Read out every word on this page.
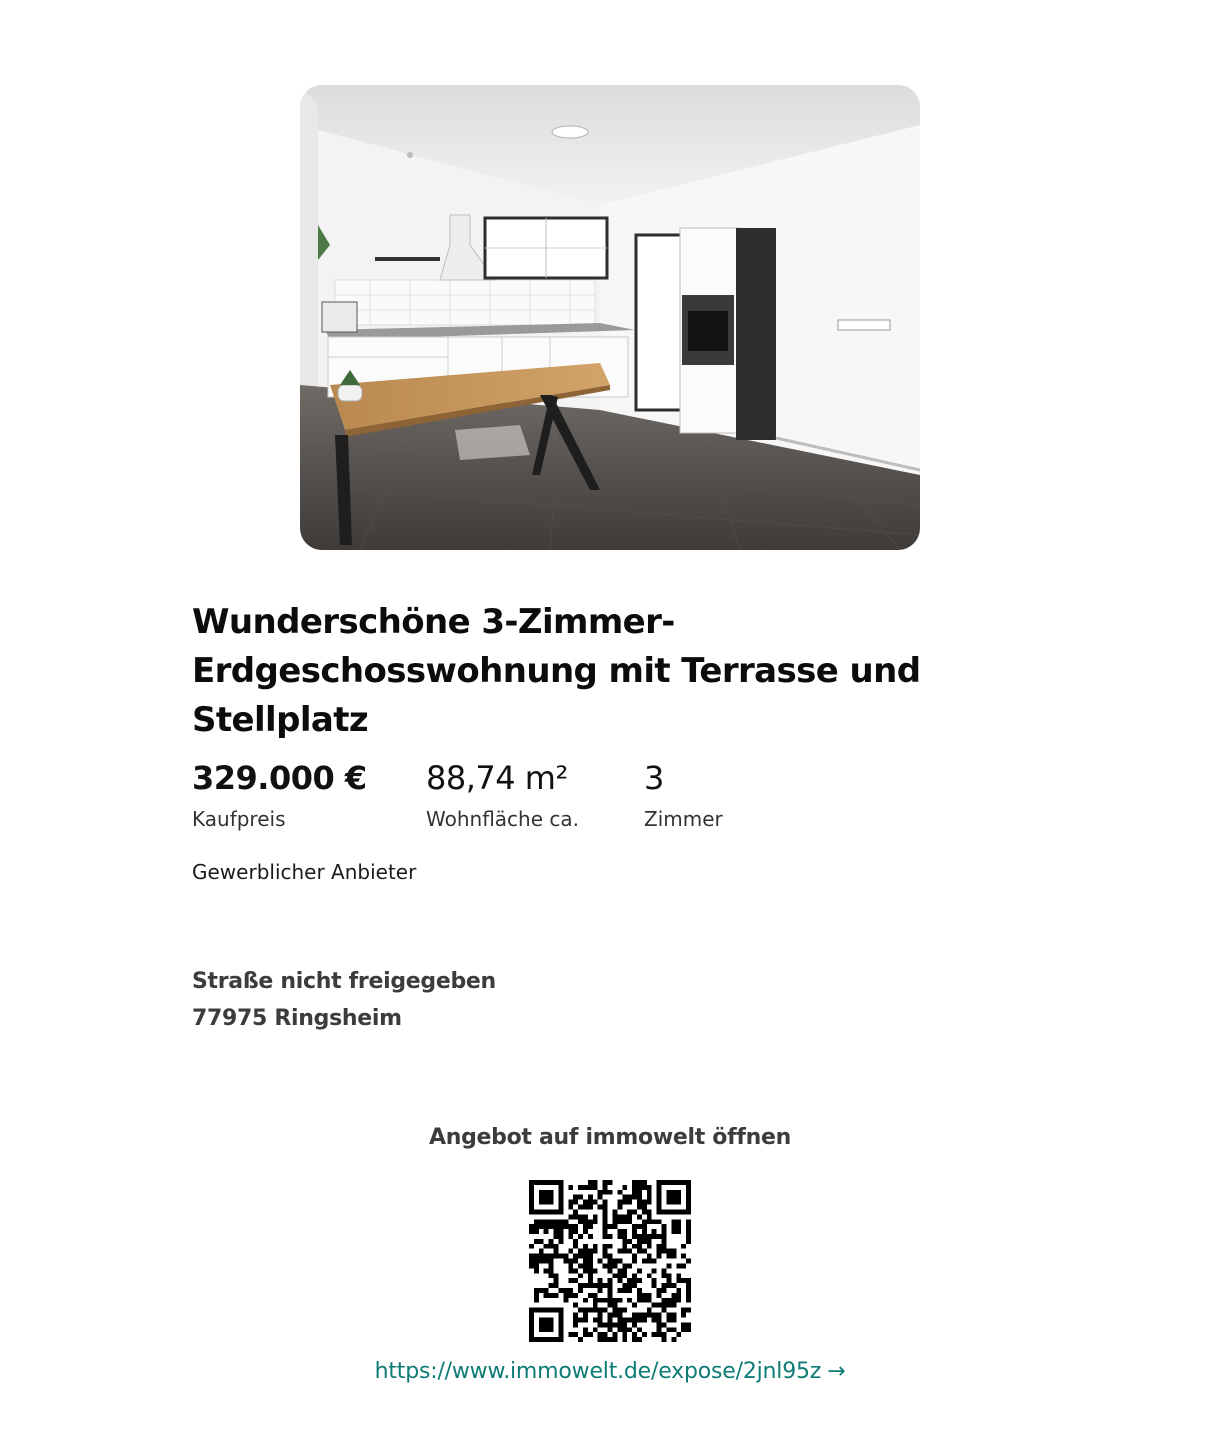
Wunderschöne 3-Zimmer-Erdgeschosswohnung mit Terrasse und Stellplatz
329.000 €
Kaufpreis
88,74 m²
Wohnfläche ca.
3
Zimmer
Gewerblicher Anbieter
Straße nicht freigegeben
77975 Ringsheim
Angebot auf immowelt öffnen
https://www.immowelt.de/expose/2jnl95z →
